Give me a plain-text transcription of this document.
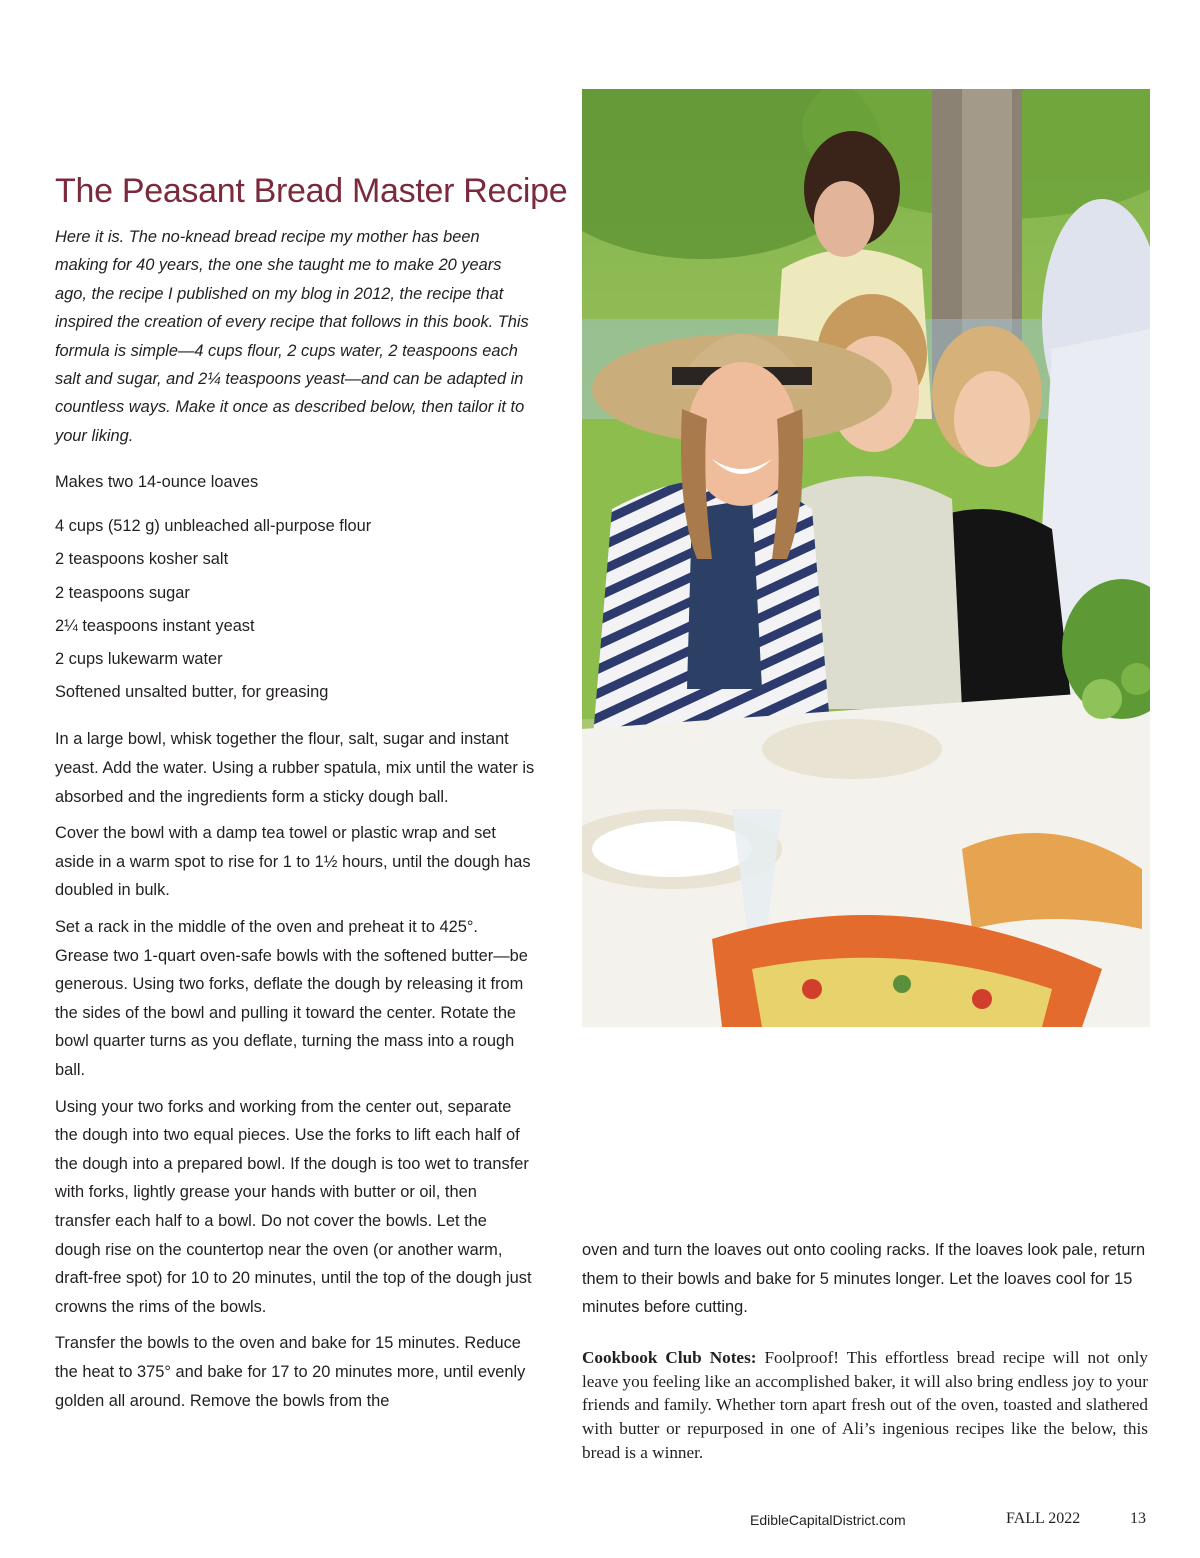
The Peasant Bread Master Recipe

Here it is. The no-knead bread recipe my mother has been making for 40 years, the one she taught me to make 20 years ago, the recipe I published on my blog in 2012, the recipe that inspired the creation of every recipe that follows in this book. This formula is simple—4 cups flour, 2 cups water, 2 teaspoons each salt and sugar, and 2¼ teaspoons yeast—and can be adapted in countless ways. Make it once as described below, then tailor it to your liking.

Makes two 14-ounce loaves

4 cups (512 g) unbleached all-purpose flour
2 teaspoons kosher salt
2 teaspoons sugar
2¼ teaspoons instant yeast
2 cups lukewarm water
Softened unsalted butter, for greasing

In a large bowl, whisk together the flour, salt, sugar and instant yeast. Add the water. Using a rubber spatula, mix until the water is absorbed and the ingredients form a sticky dough ball.

Cover the bowl with a damp tea towel or plastic wrap and set aside in a warm spot to rise for 1 to 1½ hours, until the dough has doubled in bulk.

Set a rack in the middle of the oven and preheat it to 425°. Grease two 1-quart oven-safe bowls with the softened butter—be generous. Using two forks, deflate the dough by releasing it from the sides of the bowl and pulling it toward the center. Rotate the bowl quarter turns as you deflate, turning the mass into a rough ball.

Using your two forks and working from the center out, separate the dough into two equal pieces. Use the forks to lift each half of the dough into a prepared bowl. If the dough is too wet to transfer with forks, lightly grease your hands with butter or oil, then transfer each half to a bowl. Do not cover the bowls. Let the dough rise on the countertop near the oven (or another warm, draft-free spot) for 10 to 20 minutes, until the top of the dough just crowns the rims of the bowls.

Transfer the bowls to the oven and bake for 15 minutes. Reduce the heat to 375° and bake for 17 to 20 minutes more, until evenly golden all around. Remove the bowls from the

oven and turn the loaves out onto cooling racks. If the loaves look pale, return them to their bowls and bake for 5 minutes longer. Let the loaves cool for 15 minutes before cutting.

Cookbook Club Notes: Foolproof! This effortless bread recipe will not only leave you feeling like an accomplished baker, it will also bring endless joy to your friends and family. Whether torn apart fresh out of the oven, toasted and slathered with butter or repurposed in one of Ali’s ingenious recipes like the below, this bread is a winner.

EdibleCapitalDistrict.com	FALL 2022	13
